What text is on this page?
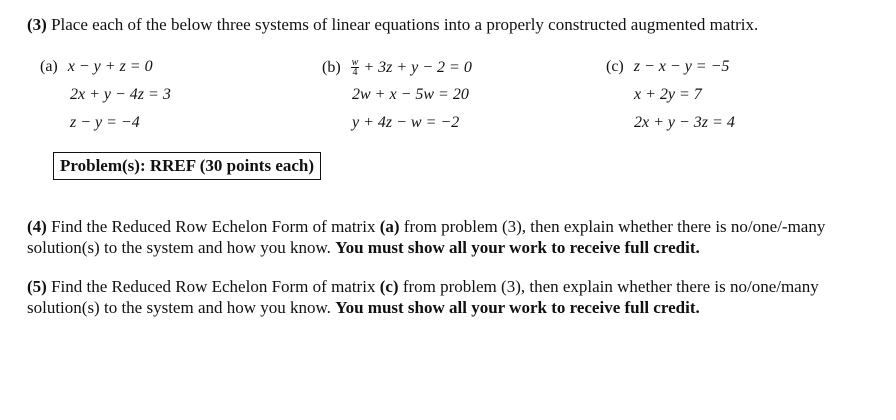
(3) Place each of the below three systems of linear equations into a properly constructed augmented matrix.
(a) x − y + z = 0
2x + y − 4z = 3
z − y = −4
$(b) \frac{w}{4} + 3z + y - 2 = 0$
2w + x − 5w = 20
y + 4z − w = −2
(c) z − x − y = −5
x + 2y = 7
2x + y − 3z = 4
Problem(s): RREF (30 points each)
(4) Find the Reduced Row Echelon Form of matrix (a) from problem (3), then explain whether there is no/one/-many solution(s) to the system and how you know. You must show all your work to receive full credit.
(5) Find the Reduced Row Echelon Form of matrix (c) from problem (3), then explain whether there is no/one/many solution(s) to the system and how you know. You must show all your work to receive full credit.
